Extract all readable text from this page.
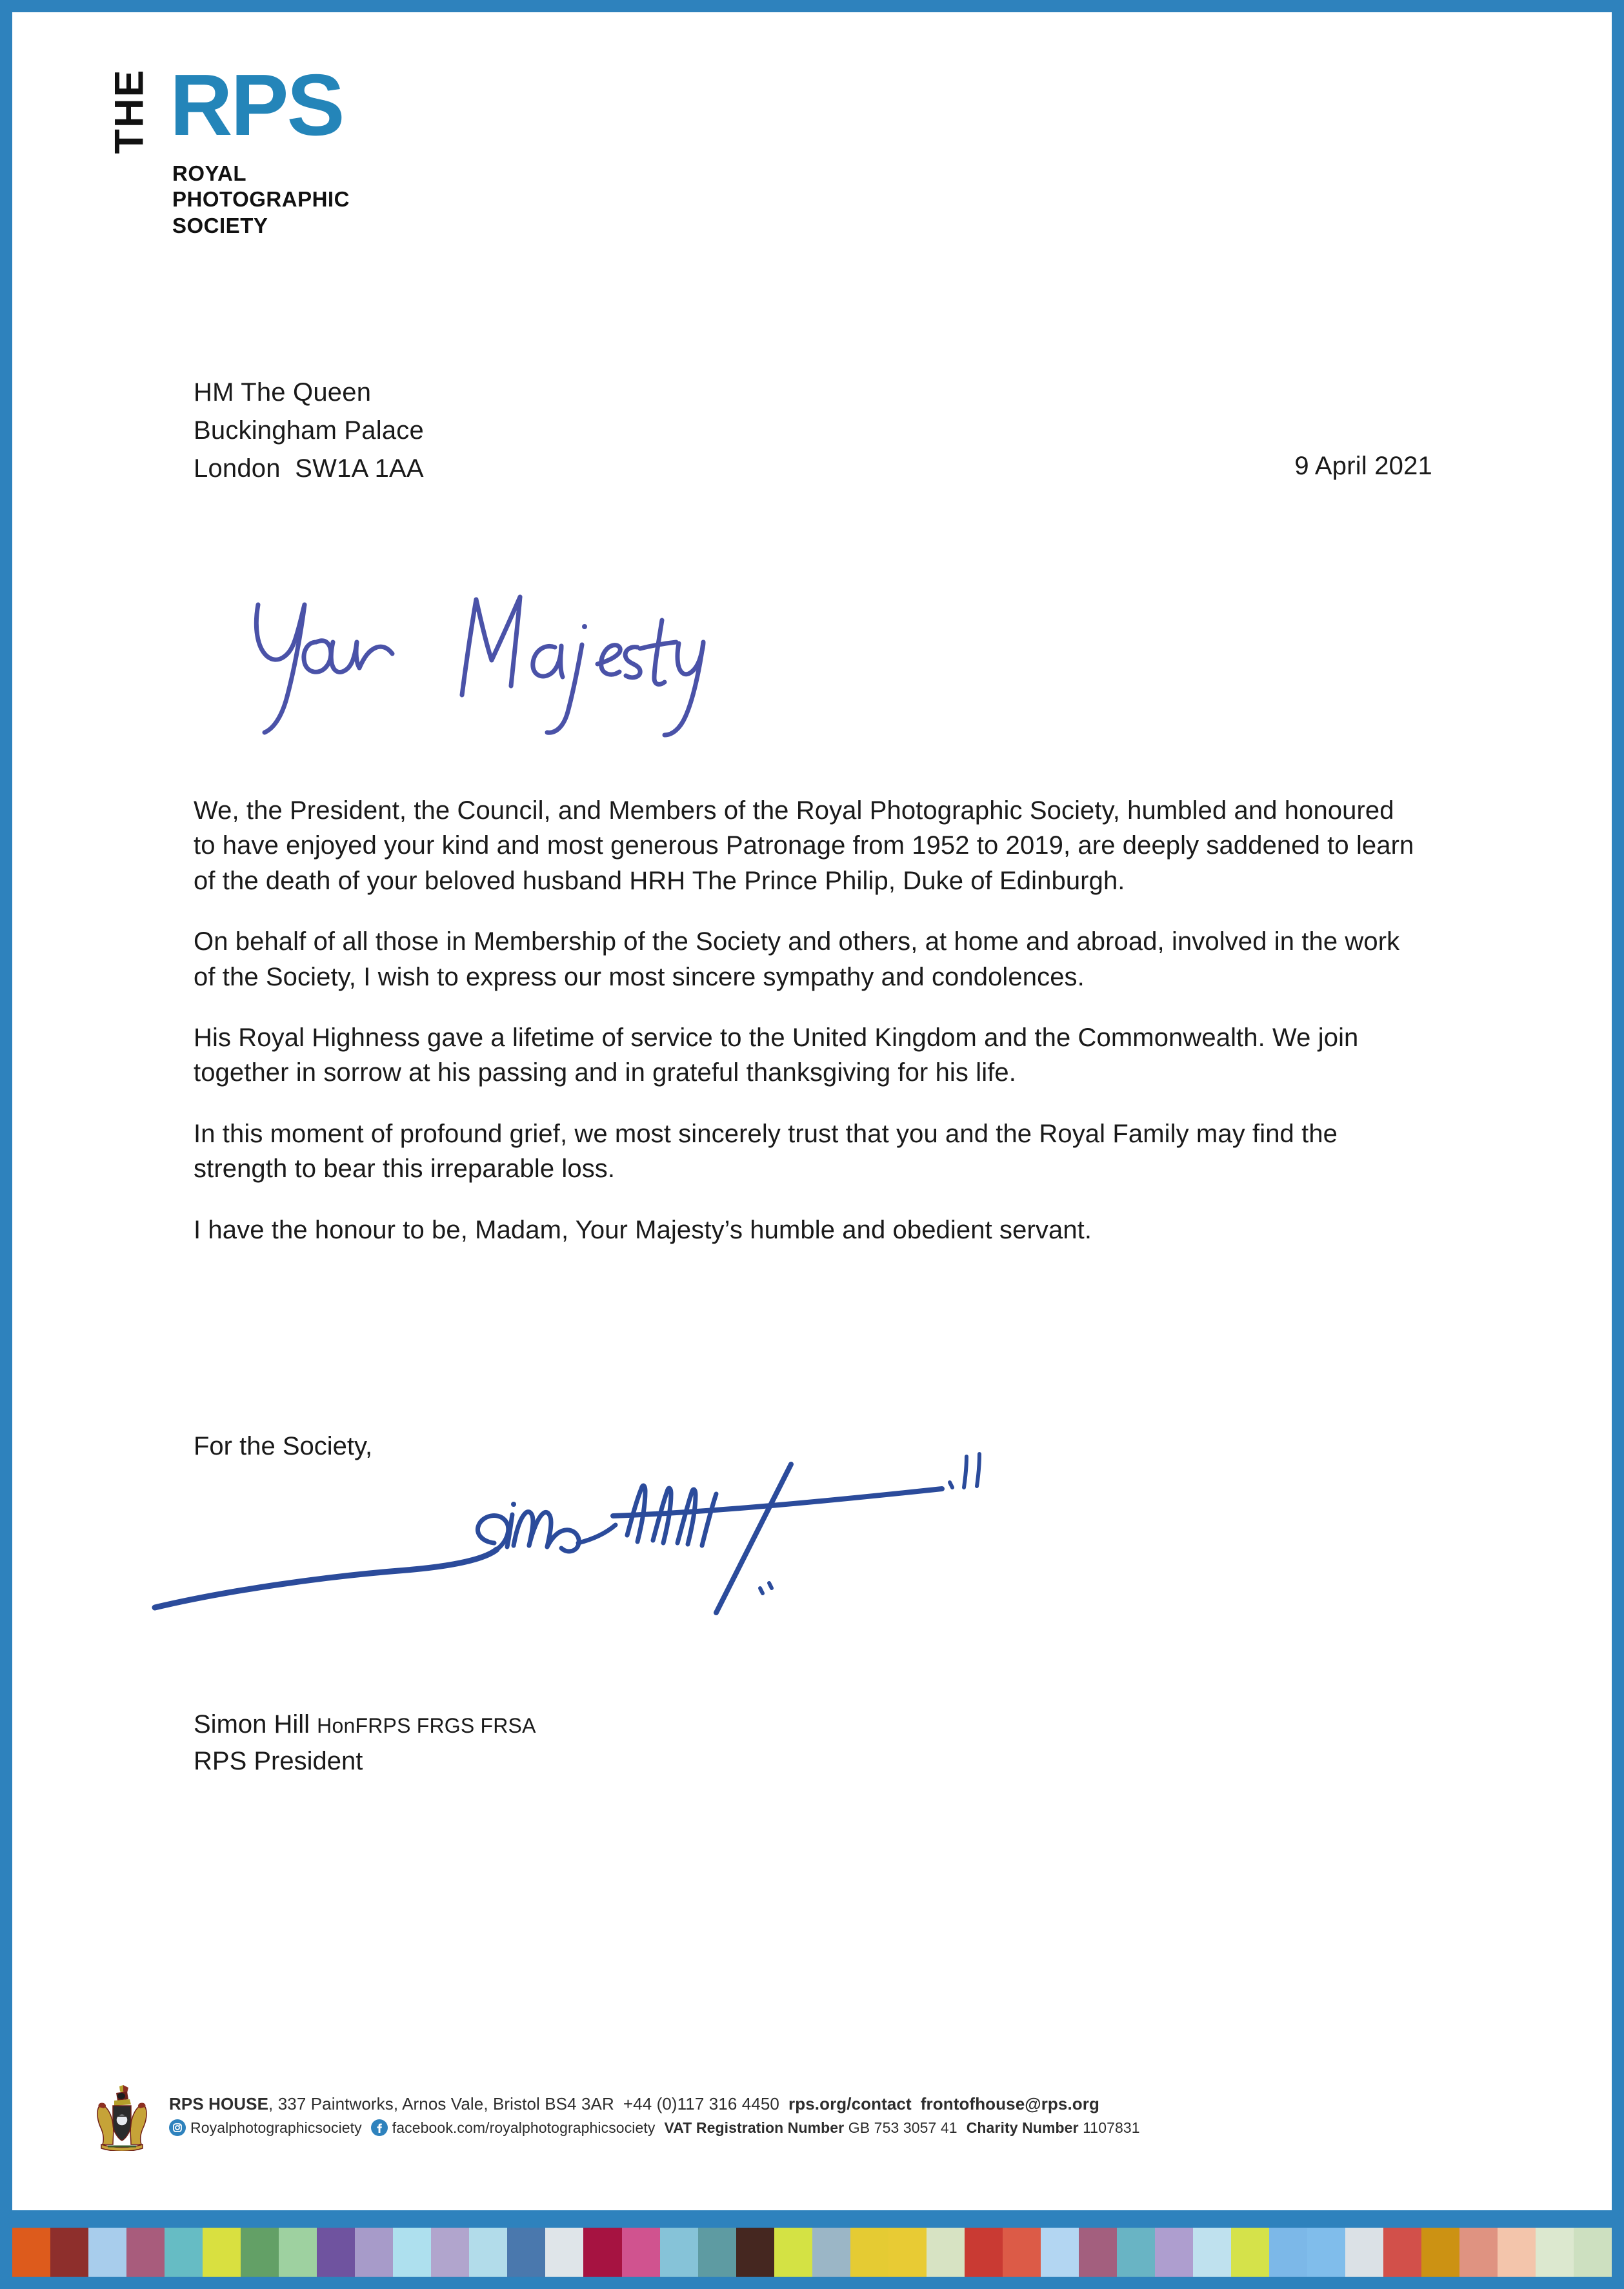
THE RPS
ROYAL
PHOTOGRAPHIC
SOCIETY
HM The Queen
Buckingham Palace
London  SW1A 1AA	9 April 2021

We, the President, the Council, and Members of the Royal Photographic Society, humbled and honoured to have enjoyed your kind and most generous Patronage from 1952 to 2019, are deeply saddened to learn of the death of your beloved husband HRH The Prince Philip, Duke of Edinburgh.

On behalf of all those in Membership of the Society and others, at home and abroad, involved in the work of the Society, I wish to express our most sincere sympathy and condolences.

His Royal Highness gave a lifetime of service to the United Kingdom and the Commonwealth. We join together in sorrow at his passing and in grateful thanksgiving for his life.

In this moment of profound grief, we most sincerely trust that you and the Royal Family may find the strength to bear this irreparable loss.

I have the honour to be, Madam, Your Majesty’s humble and obedient servant.

For the Society,
Simon Hill HonFRPS FRGS FRSA
RPS President
RPS HOUSE, 337 Paintworks, Arnos Vale, Bristol BS4 3AR +44 (0)117 316 4450 rps.org/contact frontofhouse@rps.org
Royalphotographicsociety facebook.com/royalphotographicsociety VAT Registration Number GB 753 3057 41 Charity Number 1107831
